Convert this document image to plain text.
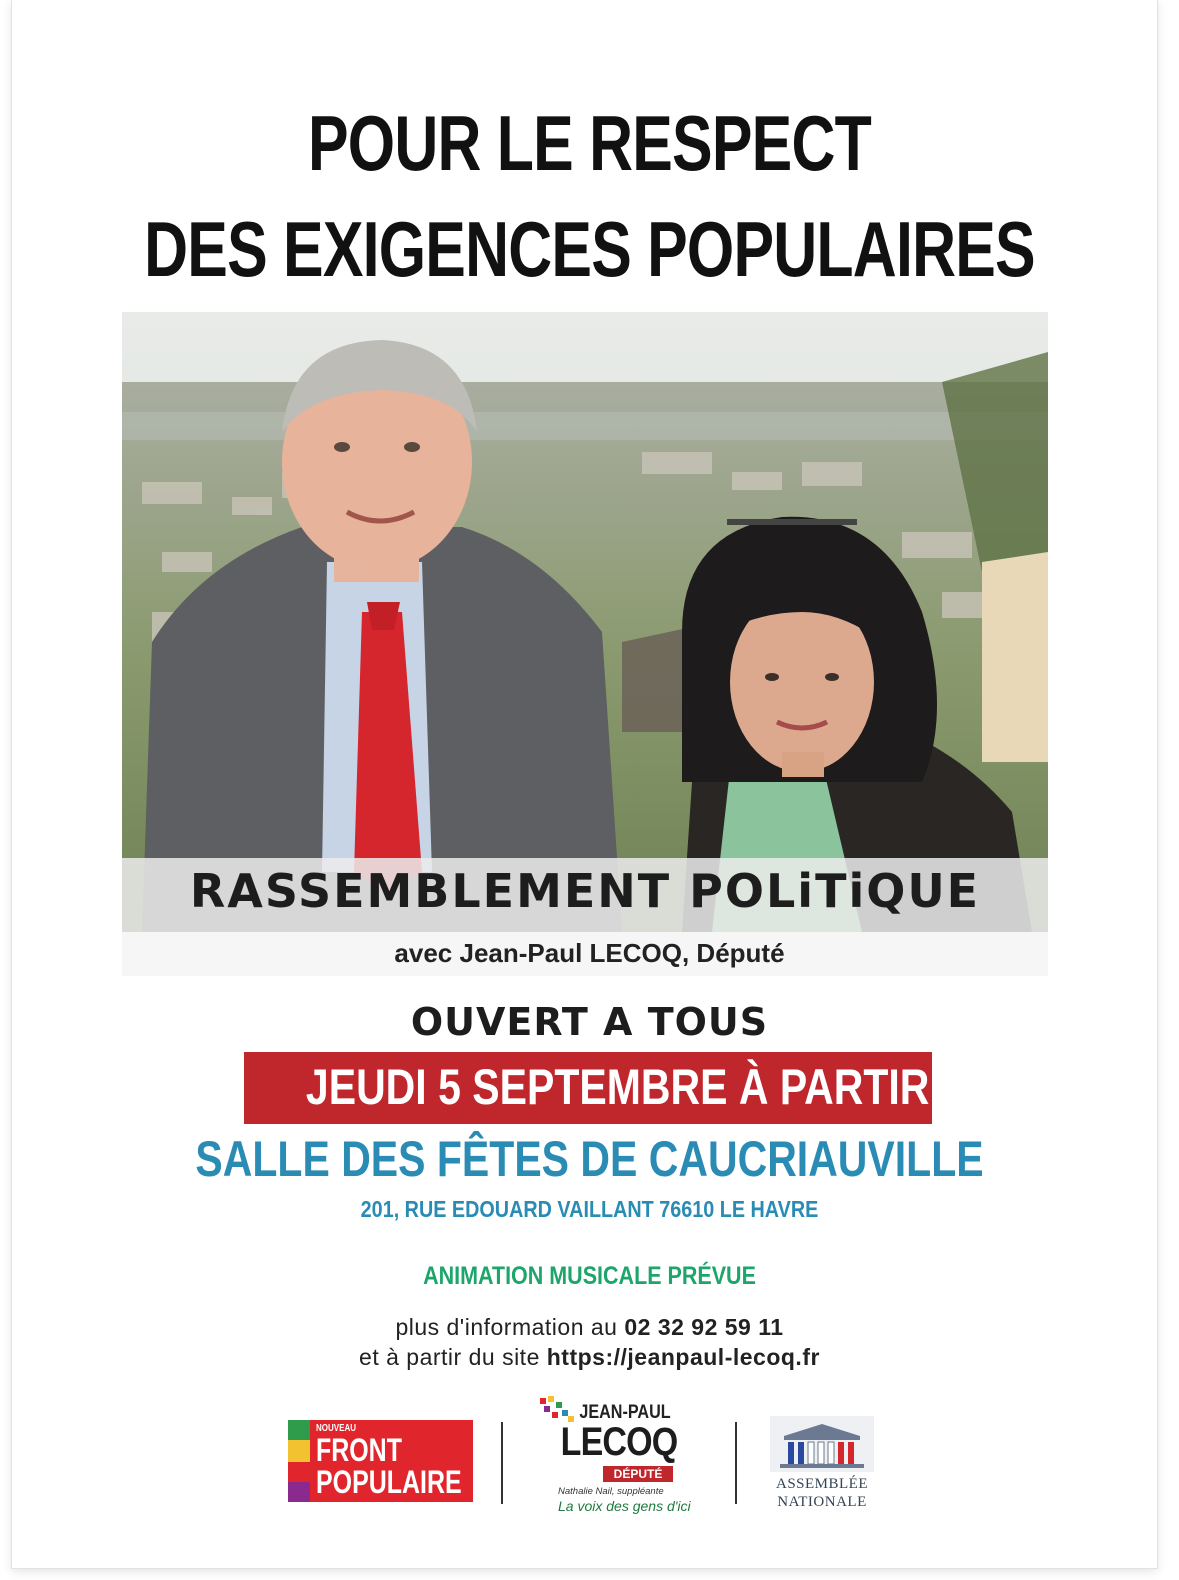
POUR LE RESPECT
DES EXIGENCES POPULAIRES
RASSEMBLEMENT POLiTiQUE
avec Jean-Paul LECOQ, Député
OUVERT A TOUS
JEUDI 5 SEPTEMBRE À PARTIR DE $18^H$
SALLE DES FÊTES DE CAUCRIAUVILLE
201, RUE EDOUARD VAILLANT 76610 LE HAVRE
ANIMATION MUSICALE PRÉVUE
plus d'information au 02 32 92 59 11
et à partir du site https://jeanpaul-lecoq.fr
NOUVEAU
FRONT
POPULAIRE
JEAN-PAUL
LECOQ
DÉPUTÉ
Nathalie Nail, suppléante
La voix des gens d'ici
ASSEMBLÉE
NATIONALE
